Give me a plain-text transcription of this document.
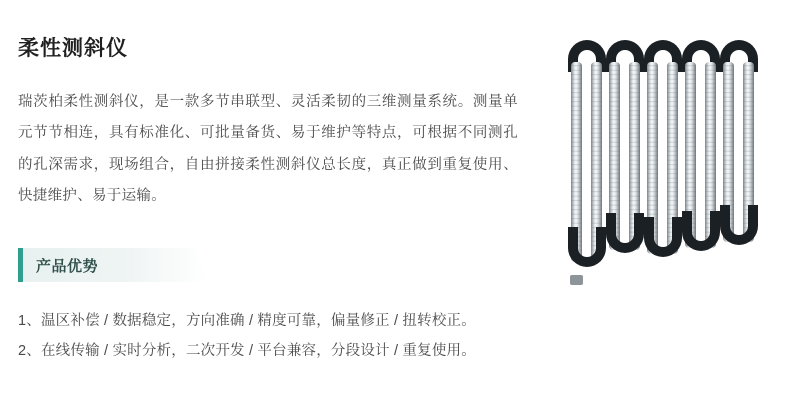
柔性测斜仪

瑞茨柏柔性测斜仪，是一款多节串联型、灵活柔韧的三维测量系统。测量单元节节相连，具有标准化、可批量备货、易于维护等特点，可根据不同测孔的孔深需求，现场组合，自由拼接柔性测斜仪总长度，真正做到重复使用、快捷维护、易于运输。

产品优势
1、温区补偿 / 数据稳定，方向准确 / 精度可靠，偏量修正 / 扭转校正。
2、在线传输 / 实时分析，二次开发 / 平台兼容，分段设计 / 重复使用。
